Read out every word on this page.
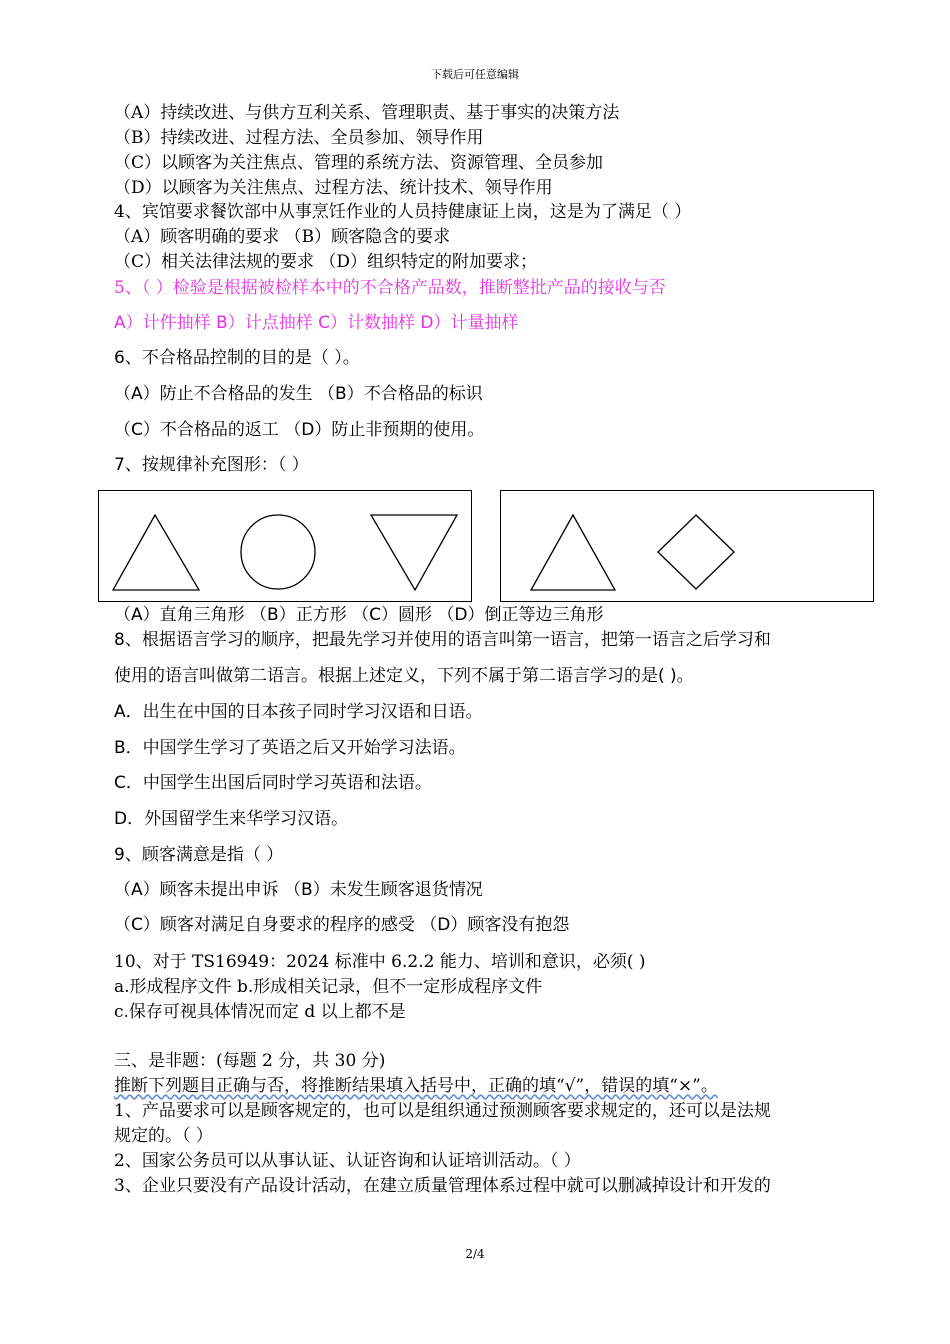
下载后可任意编辑
（A）持续改进、与供方互利关系、管理职责、基于事实的决策方法
（B）持续改进、过程方法、全员参加、领导作用
（C）以顾客为关注焦点、管理的系统方法、资源管理、全员参加
（D）以顾客为关注焦点、过程方法、统计技术、领导作用
4、宾馆要求餐饮部中从事烹饪作业的人员持健康证上岗，这是为了满足（ ）
（A）顾客明确的要求 （B）顾客隐含的要求
（C）相关法律法规的要求 （D）组织特定的附加要求；
5、（ ）检验是根据被检样本中的不合格产品数，推断整批产品的接收与否
A）计件抽样 B）计点抽样 C）计数抽样 D）计量抽样
6、不合格品控制的目的是（ ）。
（A）防止不合格品的发生 （B）不合格品的标识
（C）不合格品的返工 （D）防止非预期的使用。
7、按规律补充图形：（ ）
（A）直角三角形 （B）正方形 （C）圆形 （D）倒正等边三角形
8、根据语言学习的顺序，把最先学习并使用的语言叫第一语言，把第一语言之后学习和
使用的语言叫做第二语言。根据上述定义，下列不属于第二语言学习的是( )。
A．出生在中国的日本孩子同时学习汉语和日语。
B．中国学生学习了英语之后又开始学习法语。
C．中国学生出国后同时学习英语和法语。
D．外国留学生来华学习汉语。
9、顾客满意是指（ ）
（A）顾客未提出申诉 （B）未发生顾客退货情况
（C）顾客对满足自身要求的程序的感受 （D）顾客没有抱怨
10、对于 TS16949：2024 标准中 6.2.2 能力、培训和意识，必须( )
a.形成程序文件 b.形成相关记录，但不一定形成程序文件
c.保存可视具体情况而定 d 以上都不是
三、是非题：(每题 2 分，共 30 分)
推断下列题目正确与否，将推断结果填入括号中，正确的填“√”，错误的填“×”。
1、产品要求可以是顾客规定的，也可以是组织通过预测顾客要求规定的，还可以是法规
规定的。（ ）
2、国家公务员可以从事认证、认证咨询和认证培训活动。（ ）
3、企业只要没有产品设计活动，在建立质量管理体系过程中就可以删减掉设计和开发的
2/4
